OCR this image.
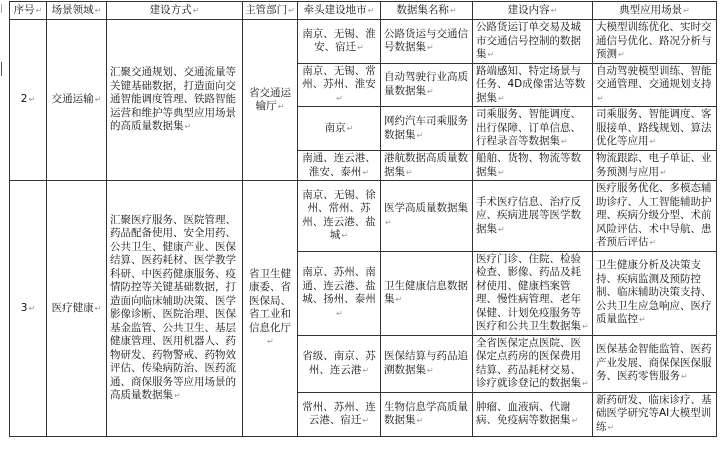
| 序号↵	场景领域↵	建设方式↵	主管部门↵	牵头建设地市↵	数据集名称↵	建设内容↵	典型应用场景↵
2↵	交通运输↵	汇聚交通规划、交通流量等关键基础数据，打造面向交通智能调度管理、铁路智能运营和维护等典型应用场景的高质量数据集↵	省交通运输厅↵	南京、无锡、淮安、宿迁↵	公路货运与交通信号数据集↵	公路货运订单交易及城市交通信号控制的数据集↵	大模型训练优化、实时交通信号优化、路况分析与预测↵
				南京、无锡、常州、苏州、淮安↵	自动驾驶行业高质量数据集↵	路端感知、特定场景与任务、4D成像雷达等数据集↵	自动驾驶模型训练、智能交通管理、交通规划支持↵
				南京↵	网约汽车司乘服务数据集↵	司乘服务、智能调度、出行保障、订单信息、行程录音等数据集↵	司乘服务、智能调度、客服接单、路线规划、算法优化等应用↵
				南通、连云港、淮安、泰州↵	港航数据高质量数据集↵	船舶、货物、物流等数据集↵	物流跟踪、电子单证、业务预测与应用↵
3↵	医疗健康↵	汇聚医疗服务、医院管理、药品配备使用、安全用药、公共卫生、健康产业、医保结算、医药耗材、医学教学科研、中医药健康服务、疫情防控等关键基础数据，打造面向临床辅助决策、医学影像诊断、医院治理、医保基金监管、公共卫生、基层健康管理、医用机器人、药物研发、药物警戒、药物效评估、传染病防治、医药流通、商保服务等应用场景的高质量数据集↵	省卫生健康委、省医保局、省工业和信息化厅↵	南京、无锡、徐州、常州、苏州、连云港、盐城↵	医学高质量数据集↵	手术医疗信息、治疗反应、疾病进展等医学数据集↵	医疗服务优化、多模态辅助诊疗、人工智能辅助护理、疾病分级分型、术前风险评估、术中导航、患者预后评估↵
				南京、苏州、南通、连云港、盐城、扬州、泰州↵	卫生健康信息数据集↵	医疗门诊、住院、检验检查、影像、药品及耗材使用、健康档案管理、慢性病管理、老年保健、计划免疫服务等医疗和公共卫生数据集↵	卫生健康分析及决策支持、疾病监测及预防控制、临床辅助决策支持、公共卫生应急响应、医疗质量监控↵
				省级、南京、苏州、连云港↵	医保结算与药品追溯数据集↵	全省医保定点医院、医保定点药房的医保费用结算、药品耗材交易、诊疗就诊登记的数据集↵	医保基金智能监管、医药产业发展、商保保医保服务、医药零售服务↵
				常州、苏州、连云港、宿迁↵	生物信息学高质量数据集↵	肿瘤、血液病、代谢病、免疫病等数据集↵	新药研发、临床诊疗、基础医学研究等AI大模型训练↵
